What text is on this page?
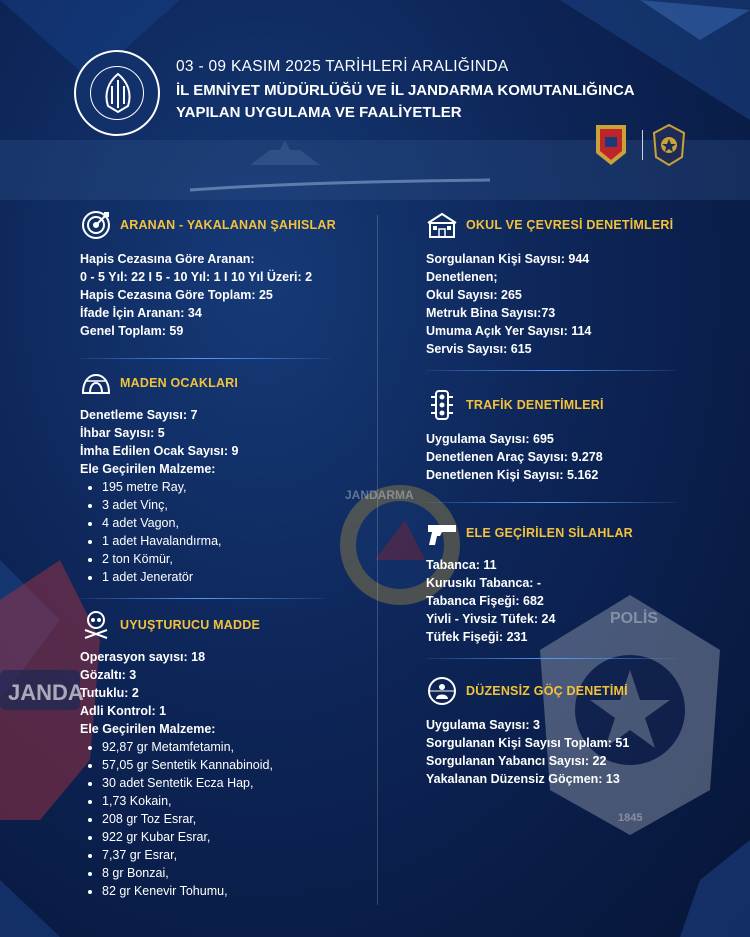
POLİS
1845
JANDARMA
JANDA
03 - 09 KASIM 2025 TARİHLERİ ARALIĞINDA
İL EMNİYET MÜDÜRLÜĞÜ VE İL JANDARMA KOMUTANLIĞINCA
YAPILAN UYGULAMA VE FAALİYETLER
ARANAN - YAKALANAN ŞAHISLAR
Hapis Cezasına Göre Aranan:
0 - 5 Yıl: 22 I 5 - 10 Yıl: 1 I 10 Yıl Üzeri: 2
Hapis Cezasına Göre Toplam: 25
İfade İçin Aranan: 34
Genel Toplam: 59
MADEN OCAKLARI
Denetleme Sayısı: 7
İhbar Sayısı: 5
İmha Edilen Ocak Sayısı: 9
Ele Geçirilen Malzeme:
• 195 metre Ray,
• 3 adet Vinç,
• 4 adet Vagon,
• 1 adet Havalandırma,
• 2 ton Kömür,
• 1 adet Jeneratör
UYUŞTURUCU MADDE
Operasyon sayısı: 18
Gözaltı: 3
Tutuklu: 2
Adli Kontrol: 1
Ele Geçirilen Malzeme:
• 92,87 gr Metamfetamin,
• 57,05 gr Sentetik Kannabinoid,
• 30 adet Sentetik Ecza Hap,
• 1,73 Kokain,
• 208 gr Toz Esrar,
• 922 gr Kubar Esrar,
• 7,37 gr Esrar,
• 8 gr Bonzai,
• 82 gr Kenevir Tohumu,
OKUL VE ÇEVRESİ DENETİMLERİ
Sorgulanan Kişi Sayısı: 944
Denetlenen;
Okul Sayısı: 265
Metruk Bina Sayısı:73
Umuma Açık Yer Sayısı: 114
Servis Sayısı: 615
TRAFİK DENETİMLERİ
Uygulama Sayısı: 695
Denetlenen Araç Sayısı: 9.278
Denetlenen Kişi Sayısı: 5.162
ELE GEÇİRİLEN SİLAHLAR
Tabanca: 11
Kurusıkı Tabanca: -
Tabanca Fişeği: 682
Yivli - Yivsiz Tüfek: 24
Tüfek Fişeği: 231
DÜZENSİZ GÖÇ DENETİMİ
Uygulama Sayısı: 3
Sorgulanan Kişi Sayısı Toplam: 51
Sorgulanan Yabancı Sayısı: 22
Yakalanan Düzensiz Göçmen: 13
